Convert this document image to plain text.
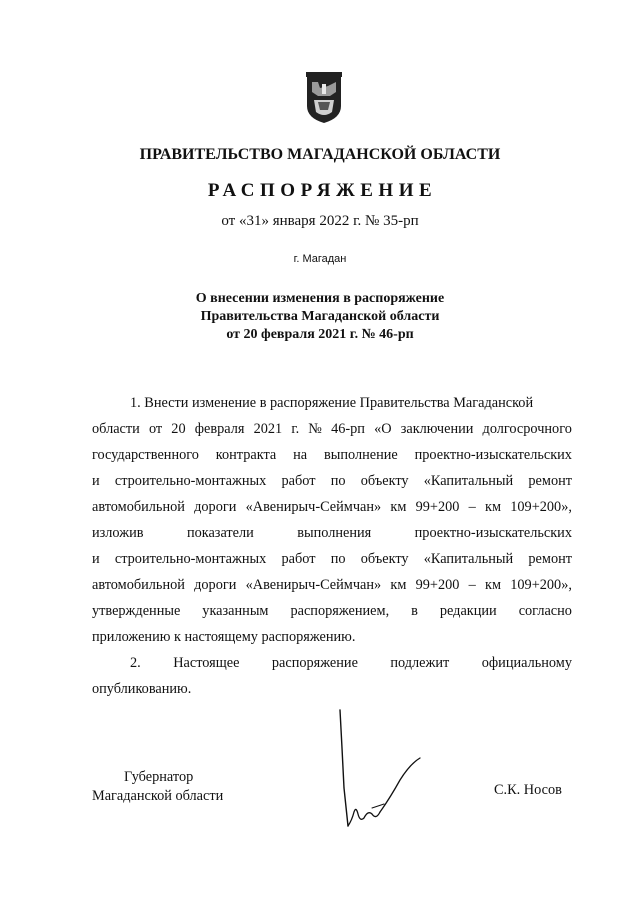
ПРАВИТЕЛЬСТВО МАГАДАНСКОЙ ОБЛАСТИ
РАСПОРЯЖЕНИЕ
от «31» января 2022 г. № 35-рп
г. Магадан
О внесении изменения в распоряжение
Правительства Магаданской области
от 20 февраля 2021 г. № 46-рп
1. Внести изменение в распоряжение Правительства Магаданской
области от 20 февраля 2021 г. № 46-рп «О заключении долгосрочного
государственного контракта на выполнение проектно-изыскательских
и строительно-монтажных работ по объекту «Капитальный ремонт
автомобильной дороги «Авенирыч-Сеймчан» км 99+200 – км 109+200»,
изложив	показатели	выполнения	проектно-изыскательских
и строительно-монтажных работ по объекту «Капитальный ремонт
автомобильной дороги «Авенирыч-Сеймчан» км 99+200 – км 109+200»,
утвержденные указанным распоряжением, в редакции согласно
приложению к настоящему распоряжению.
2. Настоящее распоряжение подлежит официальному
опубликованию.
Губернатор
Магаданской области	С.К. Носов
